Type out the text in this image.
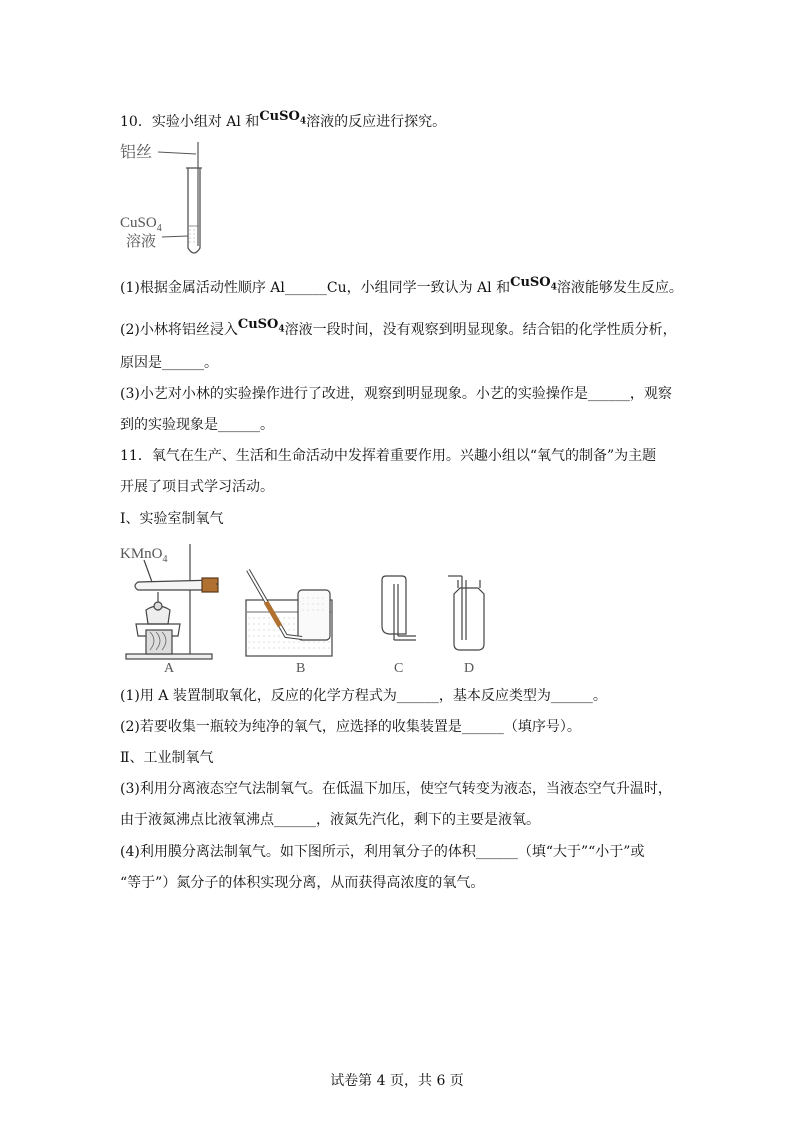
10．实验小组对 Al 和CuSO$_4$溶液的反应进行探究。
铝丝
CuSO$_4$
溶液
(1)根据金属活动性顺序 Al______Cu，小组同学一致认为 Al 和CuSO$_4$溶液能够发生反应。
(2)小林将铝丝浸入CuSO$_4$溶液一段时间，没有观察到明显现象。结合铝的化学性质分析，
原因是______。
(3)小艺对小林的实验操作进行了改进，观察到明显现象。小艺的实验操作是______，观察
到的实验现象是______。
11．氧气在生产、生活和生命活动中发挥着重要作用。兴趣小组以“氧气的制备”为主题
开展了项目式学习活动。
Ⅰ、实验室制氧气
KMnO$_4$
A	B	C	D
(1)用 A 装置制取氧化，反应的化学方程式为______，基本反应类型为______。
(2)若要收集一瓶较为纯净的氧气，应选择的收集装置是______（填序号）。
Ⅱ、工业制氧气
(3)利用分离液态空气法制氧气。在低温下加压，使空气转变为液态，当液态空气升温时，
由于液氮沸点比液氧沸点______，液氮先汽化，剩下的主要是液氧。
(4)利用膜分离法制氧气。如下图所示，利用氧分子的体积______（填“大于”“小于”或
“等于”）氮分子的体积实现分离，从而获得高浓度的氧气。
试卷第 4 页，共 6 页
